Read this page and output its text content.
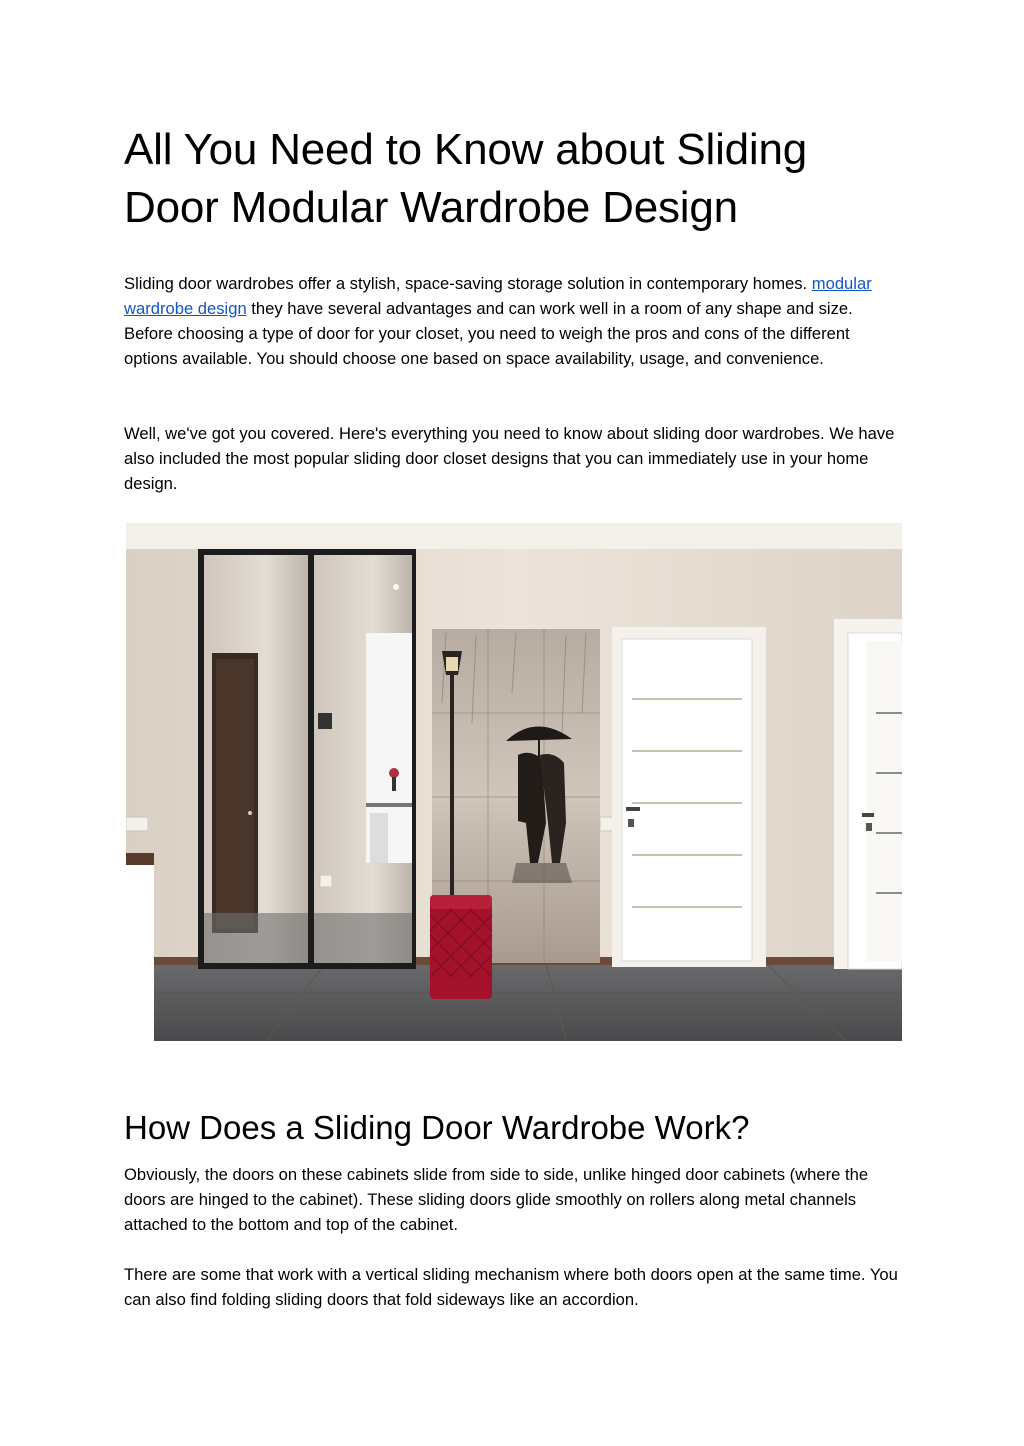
All You Need to Know about Sliding Door Modular Wardrobe Design

Sliding door wardrobes offer a stylish, space-saving storage solution in contemporary homes. modular wardrobe design they have several advantages and can work well in a room of any shape and size. Before choosing a type of door for your closet, you need to weigh the pros and cons of the different options available. You should choose one based on space availability, usage, and convenience.

Well, we've got you covered. Here's everything you need to know about sliding door wardrobes. We have also included the most popular sliding door closet designs that you can immediately use in your home design.

How Does a Sliding Door Wardrobe Work?

Obviously, the doors on these cabinets slide from side to side, unlike hinged door cabinets (where the doors are hinged to the cabinet). These sliding doors glide smoothly on rollers along metal channels attached to the bottom and top of the cabinet.

There are some that work with a vertical sliding mechanism where both doors open at the same time. You can also find folding sliding doors that fold sideways like an accordion.
